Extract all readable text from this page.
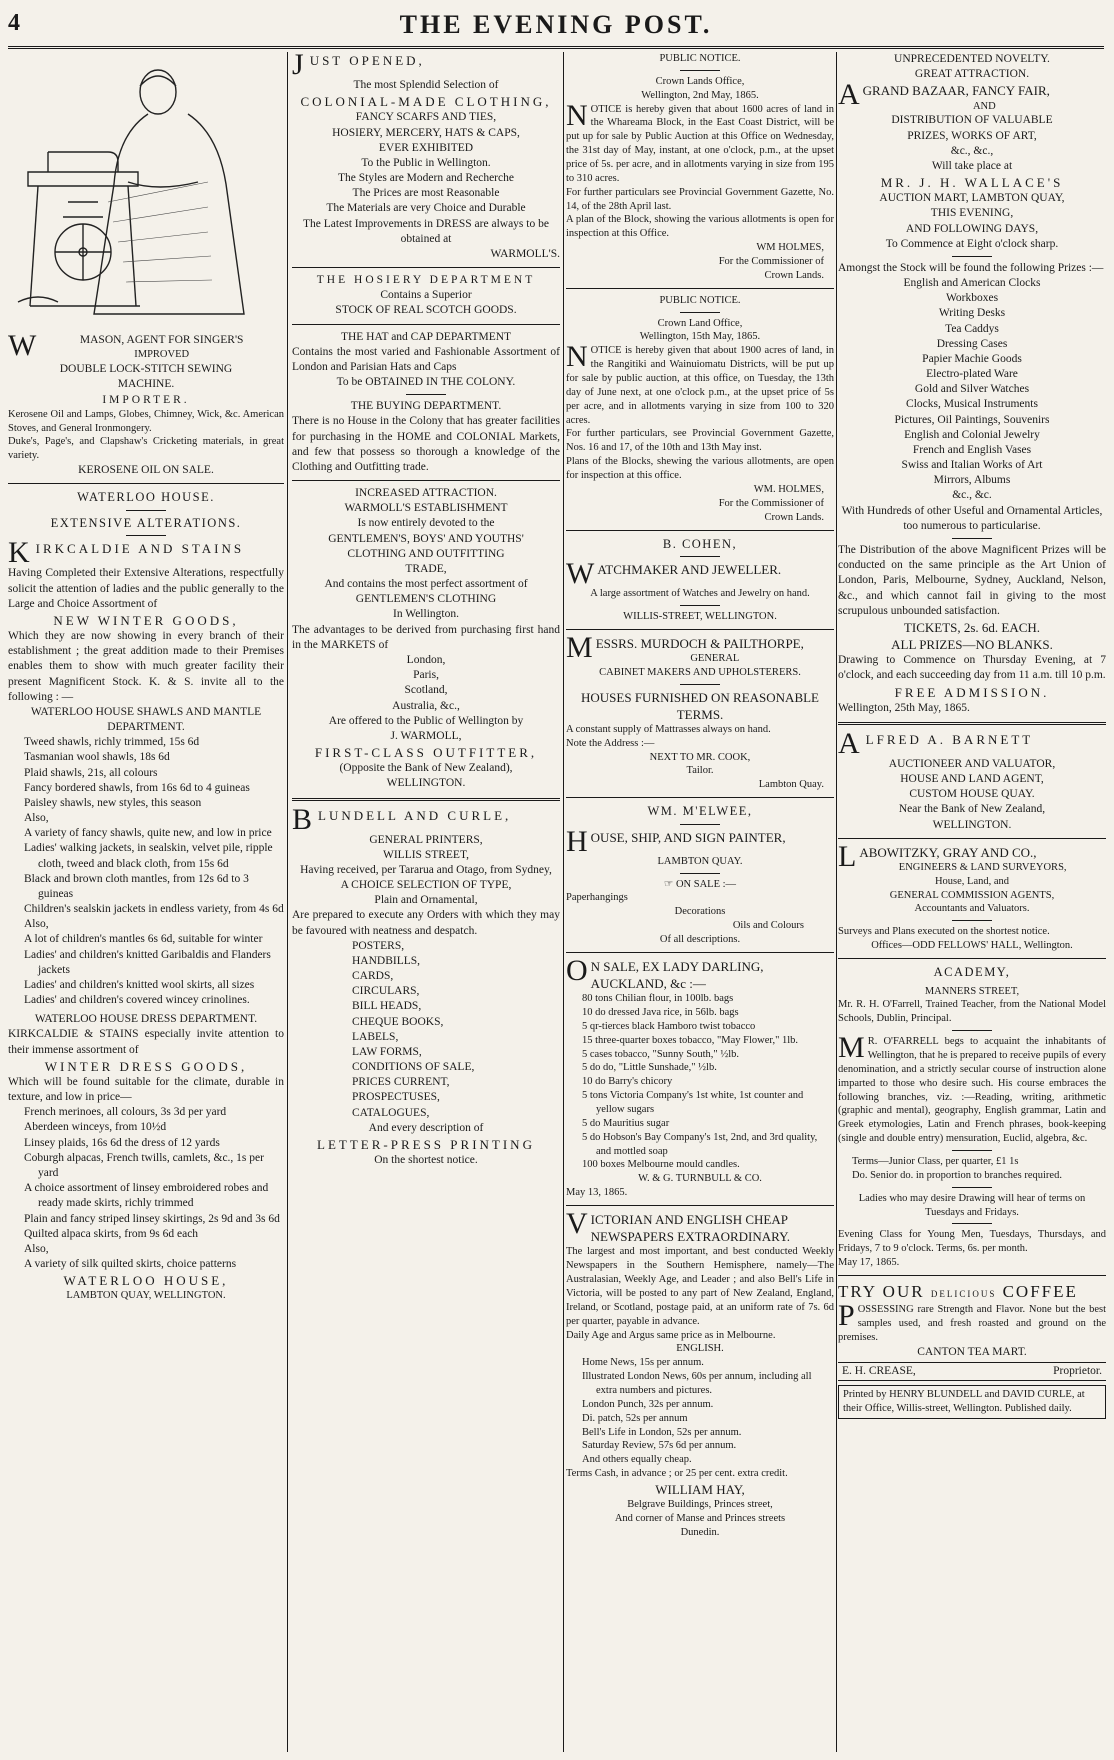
4	THE EVENING POST.
W	MASON, AGENT FOR SINGER'S
IMPROVED
DOUBLE LOCK-STITCH SEWING
MACHINE.
IMPORTER.
Kerosene Oil and Lamps, Globes, Chimney, Wick, &c. American Stoves, and General Ironmongery.
Duke's, Page's, and Clapshaw's Cricketing materials, in great variety.
KEROSENE OIL ON SALE.
WATERLOO HOUSE.
EXTENSIVE ALTERATIONS.
KIRKCALDIE AND STAINS
Having Completed their Extensive Alterations, respectfully solicit the attention of ladies and the public generally to the Large and Choice Assortment of
NEW WINTER GOODS,
Which they are now showing in every branch of their establishment ; the great addition made to their Premises enables them to show with much greater facility their present Magnificent Stock. K. & S. invite all to the following : —
WATERLOO HOUSE SHAWLS AND MANTLE DEPARTMENT.
Tweed shawls, richly trimmed, 15s 6d
Tasmanian wool shawls, 18s 6d
Plaid shawls, 21s, all colours
Fancy bordered shawls, from 16s 6d to 4 guineas
Paisley shawls, new styles, this season
Also,
A variety of fancy shawls, quite new, and low in price
Ladies' walking jackets, in sealskin, velvet pile, ripple cloth, tweed and black cloth, from 15s 6d
Black and brown cloth mantles, from 12s 6d to 3 guineas
Children's sealskin jackets in endless variety, from 4s 6d
Also,
A lot of children's mantles 6s 6d, suitable for winter
Ladies' and children's knitted Garibaldis and Flanders jackets
Ladies' and children's knitted wool skirts, all sizes
Ladies' and children's covered wincey crinolines.
WATERLOO HOUSE DRESS DEPARTMENT.
KIRKCALDIE & STAINS especially invite attention to their immense assortment of
WINTER DRESS GOODS,
Which will be found suitable for the climate, durable in texture, and low in price—
French merinoes, all colours, 3s 3d per yard
Aberdeen winceys, from 10½d
Linsey plaids, 16s 6d the dress of 12 yards
Coburgh alpacas, French twills, camlets, &c., 1s per yard
A choice assortment of linsey embroidered robes and ready made skirts, richly trimmed
Plain and fancy striped linsey skirtings, 2s 9d and 3s 6d
Quilted alpaca skirts, from 9s 6d each
Also,
A variety of silk quilted skirts, choice patterns
WATERLOO HOUSE,
LAMBTON QUAY, WELLINGTON.
JUST OPENED,
The most Splendid Selection of
COLONIAL-MADE CLOTHING,
FANCY SCARFS AND TIES,
HOSIERY, MERCERY, HATS & CAPS,
EVER EXHIBITED
To the Public in Wellington.
The Styles are Modern and Recherche
The Prices are most Reasonable
The Materials are very Choice and Durable
The Latest Improvements in DRESS are always to be obtained at
WARMOLL'S.
THE HOSIERY DEPARTMENT
Contains a Superior
STOCK OF REAL SCOTCH GOODS.
THE HAT and CAP DEPARTMENT
Contains the most varied and Fashionable Assortment of London and Parisian Hats and Caps
To be OBTAINED IN THE COLONY.
THE BUYING DEPARTMENT.
There is no House in the Colony that has greater facilities for purchasing in the HOME and COLONIAL Markets, and few that possess so thorough a knowledge of the Clothing and Outfitting trade.
INCREASED ATTRACTION.
WARMOLL'S ESTABLISHMENT
Is now entirely devoted to the
GENTLEMEN'S, BOYS' AND YOUTHS'
CLOTHING AND OUTFITTING
TRADE,
And contains the most perfect assortment of
GENTLEMEN'S CLOTHING
In Wellington.
The advantages to be derived from purchasing first hand in the MARKETS of
London,
Paris,
Scotland,
Australia, &c.,
Are offered to the Public of Wellington by
J. WARMOLL,
FIRST-CLASS OUTFITTER,
(Opposite the Bank of New Zealand),
WELLINGTON.
BLUNDELL AND CURLE,
GENERAL PRINTERS,
WILLIS STREET,
Having received, per Tararua and Otago, from Sydney,
A CHOICE SELECTION OF TYPE,
Plain and Ornamental,
Are prepared to execute any Orders with which they may be favoured with neatness and despatch.
POSTERS,
HANDBILLS,
CARDS,
CIRCULARS,
BILL HEADS,
CHEQUE BOOKS,
LABELS,
LAW FORMS,
CONDITIONS OF SALE,
PRICES CURRENT,
PROSPECTUSES,
CATALOGUES,
And every description of
LETTER-PRESS PRINTING
On the shortest notice.
PUBLIC NOTICE.
Crown Lands Office,
Wellington, 2nd May, 1865.
NOTICE is hereby given that about 1600 acres of land in the Whareama Block, in the East Coast District, will be put up for sale by Public Auction at this Office on Wednesday, the 31st day of May, instant, at one o'clock, p.m., at the upset price of 5s. per acre, and in allotments varying in size from 195 to 310 acres.
For further particulars see Provincial Government Gazette, No. 14, of the 28th April last.
A plan of the Block, showing the various allotments is open for inspection at this Office.
WM HOLMES,
For the Commissioner of
Crown Lands.
PUBLIC NOTICE.
Crown Land Office,
Wellington, 15th May, 1865.
NOTICE is hereby given that about 1900 acres of land, in the Rangitiki and Wainuiomatu Districts, will be put up for sale by public auction, at this office, on Tuesday, the 13th day of June next, at one o'clock p.m., at the upset price of 5s per acre, and in allotments varying in size from 100 to 320 acres.
For further particulars, see Provincial Government Gazette, Nos. 16 and 17, of the 10th and 13th May inst.
Plans of the Blocks, shewing the various allotments, are open for inspection at this office.
WM. HOLMES,
For the Commissioner of
Crown Lands.
B. COHEN,
WATCHMAKER AND JEWELLER.
A large assortment of Watches and Jewelry on hand.
WILLIS-STREET, WELLINGTON.
MESSRS. MURDOCH & PAILTHORPE,
GENERAL
CABINET MAKERS AND UPHOLSTERERS.
HOUSES FURNISHED ON REASONABLE TERMS.
A constant supply of Mattrasses always on hand.
Note the Address :—
NEXT TO MR. COOK,
Tailor.
Lambton Quay.
WM. M'ELWEE,
HOUSE, SHIP, AND SIGN PAINTER,
LAMBTON QUAY.
☞ ON SALE :—
Paperhangings
Decorations
Oils and Colours
Of all descriptions.
O N SALE, EX LADY DARLING, AUCKLAND, &c :—
80 tons Chilian flour, in 100lb. bags
10 do dressed Java rice, in 56lb. bags
5 qr-tierces black Hamboro twist tobacco
15 three-quarter boxes tobacco, "May Flower," 1lb.
5 cases tobacco, "Sunny South," ½lb.
5 do do, "Little Sunshade," ½lb.
10 do Barry's chicory
5 tons Victoria Company's 1st white, 1st counter and yellow sugars
5 do Mauritius sugar
5 do Hobson's Bay Company's 1st, 2nd, and 3rd quality, and mottled soap
100 boxes Melbourne mould candles.
W. & G. TURNBULL & CO.
May 13, 1865.
VICTORIAN AND ENGLISH CHEAP NEWSPAPERS EXTRAORDINARY.
The largest and most important, and best conducted Weekly Newspapers in the Southern Hemisphere, namely—The Australasian, Weekly Age, and Leader ; and also Bell's Life in Victoria, will be posted to any part of New Zealand, England, Ireland, or Scotland, postage paid, at an uniform rate of 7s. 6d per quarter, payable in advance.
Daily Age and Argus same price as in Melbourne.
ENGLISH.
Home News, 15s per annum.
Illustrated London News, 60s per annum, including all extra numbers and pictures.
London Punch, 32s per annum.
Di. patch, 52s per annum
Bell's Life in London, 52s per annum.
Saturday Review, 57s 6d per annum.
And others equally cheap.
Terms Cash, in advance ; or 25 per cent. extra credit.
WILLIAM HAY,
Belgrave Buildings, Princes street,
And corner of Manse and Princes streets
Dunedin.
UNPRECEDENTED NOVELTY.
GREAT ATTRACTION.
AGRAND BAZAAR, FANCY FAIR,
AND
DISTRIBUTION OF VALUABLE
PRIZES, WORKS OF ART,
&c., &c.,
Will take place at
MR. J. H. WALLACE'S
AUCTION MART, LAMBTON QUAY,
THIS EVENING,
AND FOLLOWING DAYS,
To Commence at Eight o'clock sharp.
Amongst the Stock will be found the following Prizes :—
English and American Clocks
Workboxes
Writing Desks
Tea Caddys
Dressing Cases
Papier Machie Goods
Electro-plated Ware
Gold and Silver Watches
Clocks, Musical Instruments
Pictures, Oil Paintings, Souvenirs
English and Colonial Jewelry
French and English Vases
Swiss and Italian Works of Art
Mirrors, Albums
&c., &c.
With Hundreds of other Useful and Ornamental Articles, too numerous to particularise.
The Distribution of the above Magnificent Prizes will be conducted on the same principle as the Art Union of London, Paris, Melbourne, Sydney, Auckland, Nelson, &c., and which cannot fail in giving to the most scrupulous unbounded satisfaction.
TICKETS, 2s. 6d. EACH.
ALL PRIZES—NO BLANKS.
Drawing to Commence on Thursday Evening, at 7 o'clock, and each succeeding day from 11 a.m. till 10 p.m.
FREE ADMISSION.
Wellington, 25th May, 1865.
ALFRED A. BARNETT
AUCTIONEER AND VALUATOR,
HOUSE AND LAND AGENT,
CUSTOM HOUSE QUAY.
Near the Bank of New Zealand,
WELLINGTON.
LABOWITZKY, GRAY AND CO.,
ENGINEERS & LAND SURVEYORS,
House, Land, and
GENERAL COMMISSION AGENTS,
Accountants and Valuators.
Surveys and Plans executed on the shortest notice.
Offices—ODD FELLOWS' HALL, Wellington.
ACADEMY,
MANNERS STREET,
Mr. R. H. O'Farrell, Trained Teacher, from the National Model Schools, Dublin, Principal.
M R. O'FARRELL begs to acquaint the inhabitants of Wellington, that he is prepared to receive pupils of every denomination, and a strictly secular course of instruction alone imparted to those who desire such. His course embraces the following branches, viz. :—Reading, writing, arithmetic (graphic and mental), geography, English grammar, Latin and Greek etymologies, Latin and French phrases, book-keeping (single and double entry) mensuration, Euclid, algebra, &c.
Terms—Junior Class, per quarter, £1 1s
Do. Senior do. in proportion to branches required.
Ladies who may desire Drawing will hear of terms on Tuesdays and Fridays.
Evening Class for Young Men, Tuesdays, Thursdays, and Fridays, 7 to 9 o'clock. Terms, 6s. per month.
May 17, 1865.
TRY OUR DELICIOUS COFFEE
POSSESSING rare Strength and Flavor. None but the best samples used, and fresh roasted and ground on the premises.
CANTON TEA MART.
E. H. CREASE,	Proprietor.
Printed by HENRY BLUNDELL and DAVID CURLE, at their Office, Willis-street, Wellington. Published daily.
